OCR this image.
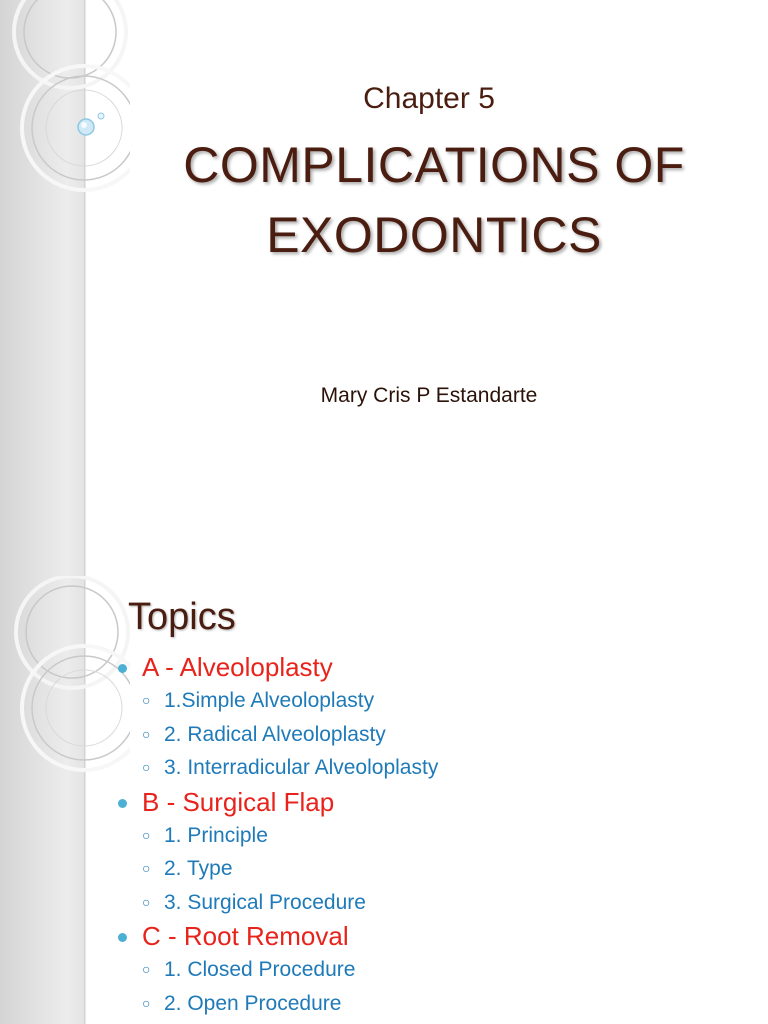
Chapter 5
COMPLICATIONS OF
EXODONTICS
Mary Cris P Estandarte
Topics
A - Alveoloplasty
○ 1.Simple Alveoloplasty
○ 2. Radical Alveoloplasty
○ 3. Interradicular Alveoloplasty
B - Surgical Flap
○ 1. Principle
○ 2. Type
○ 3. Surgical Procedure
C - Root Removal
○ 1. Closed Procedure
○ 2. Open Procedure
